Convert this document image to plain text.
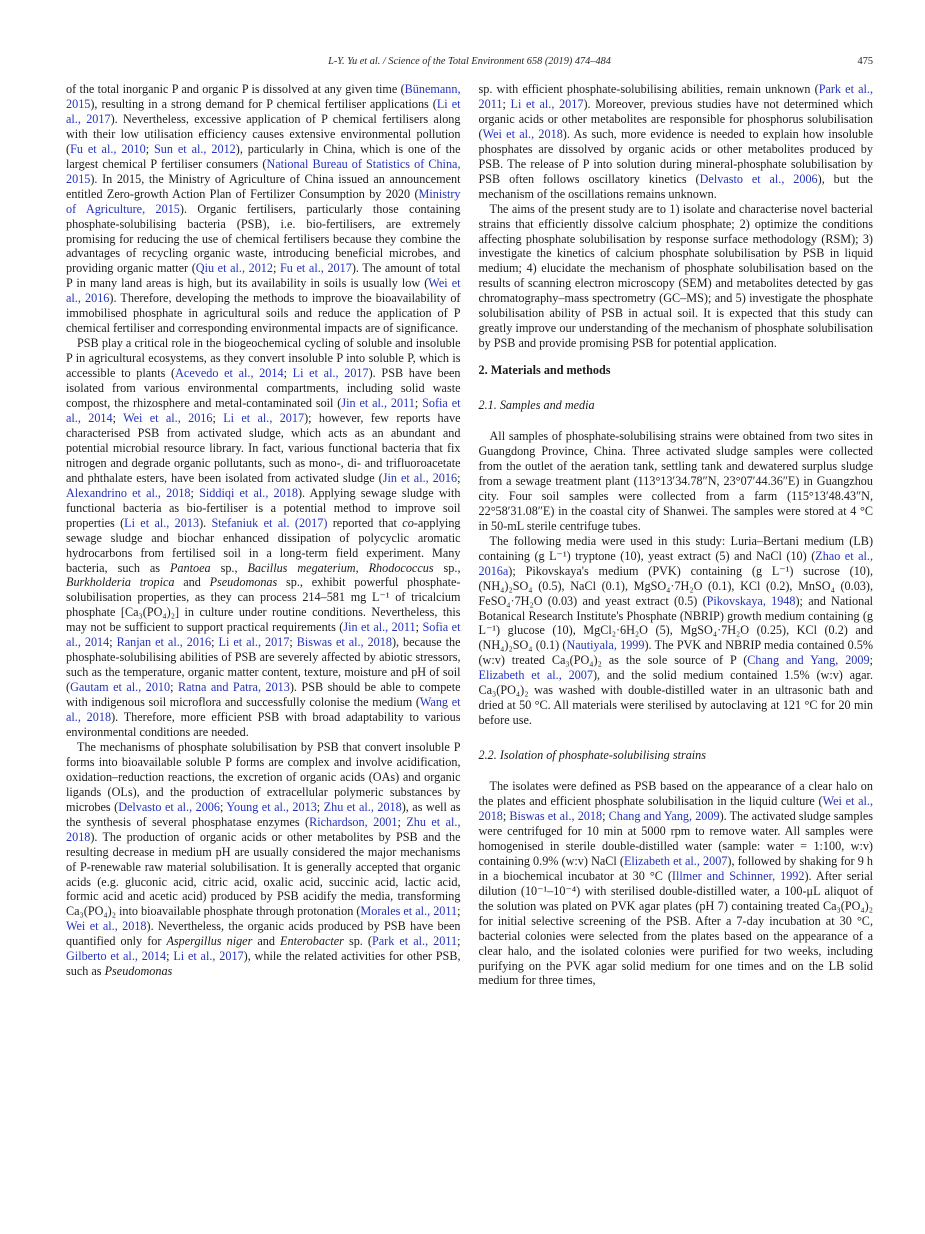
L-Y. Yu et al. / Science of the Total Environment 658 (2019) 474–484	475

of the total inorganic P and organic P is dissolved at any given time (Bünemann, 2015), resulting in a strong demand for P chemical fertiliser applications (Li et al., 2017). Nevertheless, excessive application of P chemical fertilisers along with their low utilisation efficiency causes extensive environmental pollution (Fu et al., 2010; Sun et al., 2012), particularly in China, which is one of the largest chemical P fertiliser consumers (National Bureau of Statistics of China, 2015). In 2015, the Ministry of Agriculture of China issued an announcement entitled Zero-growth Action Plan of Fertilizer Consumption by 2020 (Ministry of Agriculture, 2015). Organic fertilisers, particularly those containing phosphate-solubilising bacteria (PSB), i.e. bio-fertilisers, are extremely promising for reducing the use of chemical fertilisers because they combine the advantages of recycling organic waste, introducing beneficial microbes, and providing organic matter (Qiu et al., 2012; Fu et al., 2017). The amount of total P in many land areas is high, but its availability in soils is usually low (Wei et al., 2016). Therefore, developing the methods to improve the bioavailability of immobilised phosphate in agricultural soils and reduce the application of P chemical fertiliser and corresponding environmental impacts are of significance.

PSB play a critical role in the biogeochemical cycling of soluble and insoluble P in agricultural ecosystems, as they convert insoluble P into soluble P, which is accessible to plants (Acevedo et al., 2014; Li et al., 2017). PSB have been isolated from various environmental compartments, including solid waste compost, the rhizosphere and metal-contaminated soil (Jin et al., 2011; Sofia et al., 2014; Wei et al., 2016; Li et al., 2017); however, few reports have characterised PSB from activated sludge, which acts as an abundant and potential microbial resource library. In fact, various functional bacteria that fix nitrogen and degrade organic pollutants, such as mono-, di- and trifluoroacetate and phthalate esters, have been isolated from activated sludge (Jin et al., 2016; Alexandrino et al., 2018; Siddiqi et al., 2018). Applying sewage sludge with functional bacteria as bio-fertiliser is a potential method to improve soil properties (Li et al., 2013). Stefaniuk et al. (2017) reported that co-applying sewage sludge and biochar enhanced dissipation of polycyclic aromatic hydrocarbons from fertilised soil in a long-term field experiment. Many bacteria, such as Pantoea sp., Bacillus megaterium, Rhodococcus sp., Burkholderia tropica and Pseudomonas sp., exhibit powerful phosphate-solubilisation properties, as they can process 214–581 mg L⁻¹ of tricalcium phosphate [Ca₃(PO₄)₂] in culture under routine conditions. Nevertheless, this may not be sufficient to support practical requirements (Jin et al., 2011; Sofia et al., 2014; Ranjan et al., 2016; Li et al., 2017; Biswas et al., 2018), because the phosphate-solubilising abilities of PSB are severely affected by abiotic stressors, such as the temperature, organic matter content, texture, moisture and pH of soil (Gautam et al., 2010; Ratna and Patra, 2013). PSB should be able to compete with indigenous soil microflora and successfully colonise the medium (Wang et al., 2018). Therefore, more efficient PSB with broad adaptability to various environmental conditions are needed.

The mechanisms of phosphate solubilisation by PSB that convert insoluble P forms into bioavailable soluble P forms are complex and involve acidification, oxidation–reduction reactions, the excretion of organic acids (OAs) and organic ligands (OLs), and the production of extracellular polymeric substances by microbes (Delvasto et al., 2006; Young et al., 2013; Zhu et al., 2018), as well as the synthesis of several phosphatase enzymes (Richardson, 2001; Zhu et al., 2018). The production of organic acids or other metabolites by PSB and the resulting decrease in medium pH are usually considered the major mechanisms of P-renewable raw material solubilisation. It is generally accepted that organic acids (e.g. gluconic acid, citric acid, oxalic acid, succinic acid, lactic acid, formic acid and acetic acid) produced by PSB acidify the media, transforming Ca₃(PO₄)₂ into bioavailable phosphate through protonation (Morales et al., 2011; Wei et al., 2018). Nevertheless, the organic acids produced by PSB have been quantified only for Aspergillus niger and Enterobacter sp. (Park et al., 2011; Gilberto et al., 2014; Li et al., 2017), while the related activities for other PSB, such as Pseudomonas

sp. with efficient phosphate-solubilising abilities, remain unknown (Park et al., 2011; Li et al., 2017). Moreover, previous studies have not determined which organic acids or other metabolites are responsible for phosphorus solubilisation (Wei et al., 2018). As such, more evidence is needed to explain how insoluble phosphates are dissolved by organic acids or other metabolites produced by PSB. The release of P into solution during mineral-phosphate solubilisation by PSB often follows oscillatory kinetics (Delvasto et al., 2006), but the mechanism of the oscillations remains unknown.

The aims of the present study are to 1) isolate and characterise novel bacterial strains that efficiently dissolve calcium phosphate; 2) optimize the conditions affecting phosphate solubilisation by response surface methodology (RSM); 3) investigate the kinetics of calcium phosphate solubilisation by PSB in liquid medium; 4) elucidate the mechanism of phosphate solubilisation based on the results of scanning electron microscopy (SEM) and metabolites detected by gas chromatography–mass spectrometry (GC–MS); and 5) investigate the phosphate solubilisation ability of PSB in actual soil. It is expected that this study can greatly improve our understanding of the mechanism of phosphate solubilisation by PSB and provide promising PSB for potential application.

2. Materials and methods
2.1. Samples and media

All samples of phosphate-solubilising strains were obtained from two sites in Guangdong Province, China. Three activated sludge samples were collected from the outlet of the aeration tank, settling tank and dewatered surplus sludge from a sewage treatment plant (113°13′34.78″N, 23°07′44.36″E) in Guangzhou city. Four soil samples were collected from a farm (115°13′48.43″N, 22°58′31.08″E) in the coastal city of Shanwei. The samples were stored at 4 °C in 50-mL sterile centrifuge tubes.

The following media were used in this study: Luria–Bertani medium (LB) containing (g L⁻¹) tryptone (10), yeast extract (5) and NaCl (10) (Zhao et al., 2016a); Pikovskaya's medium (PVK) containing (g L⁻¹) sucrose (10), (NH₄)₂SO₄ (0.5), NaCl (0.1), MgSO₄·7H₂O (0.1), KCl (0.2), MnSO₄ (0.03), FeSO₄·7H₂O (0.03) and yeast extract (0.5) (Pikovskaya, 1948); and National Botanical Research Institute's Phosphate (NBRIP) growth medium containing (g L⁻¹) glucose (10), MgCl₂·6H₂O (5), MgSO₄·7H₂O (0.25), KCl (0.2) and (NH₄)₂SO₄ (0.1) (Nautiyala, 1999). The PVK and NBRIP media contained 0.5% (w:v) treated Ca₃(PO₄)₂ as the sole source of P (Chang and Yang, 2009; Elizabeth et al., 2007), and the solid medium contained 1.5% (w:v) agar. Ca₃(PO₄)₂ was washed with double-distilled water in an ultrasonic bath and dried at 50 °C. All materials were sterilised by autoclaving at 121 °C for 20 min before use.

2.2. Isolation of phosphate-solubilising strains

The isolates were defined as PSB based on the appearance of a clear halo on the plates and efficient phosphate solubilisation in the liquid culture (Wei et al., 2018; Biswas et al., 2018; Chang and Yang, 2009). The activated sludge samples were centrifuged for 10 min at 5000 rpm to remove water. All samples were homogenised in sterile double-distilled water (sample: water = 1:100, w:v) containing 0.9% (w:v) NaCl (Elizabeth et al., 2007), followed by shaking for 9 h in a biochemical incubator at 30 °C (Illmer and Schinner, 1992). After serial dilution (10⁻¹–10⁻⁴) with sterilised double-distilled water, a 100-μL aliquot of the solution was plated on PVK agar plates (pH 7) containing treated Ca₃(PO₄)₂ for initial selective screening of the PSB. After a 7-day incubation at 30 °C, bacterial colonies were selected from the plates based on the appearance of a clear halo, and the isolated colonies were purified for two weeks, including purifying on the PVK agar solid medium for one times and on the LB solid medium for three times,
